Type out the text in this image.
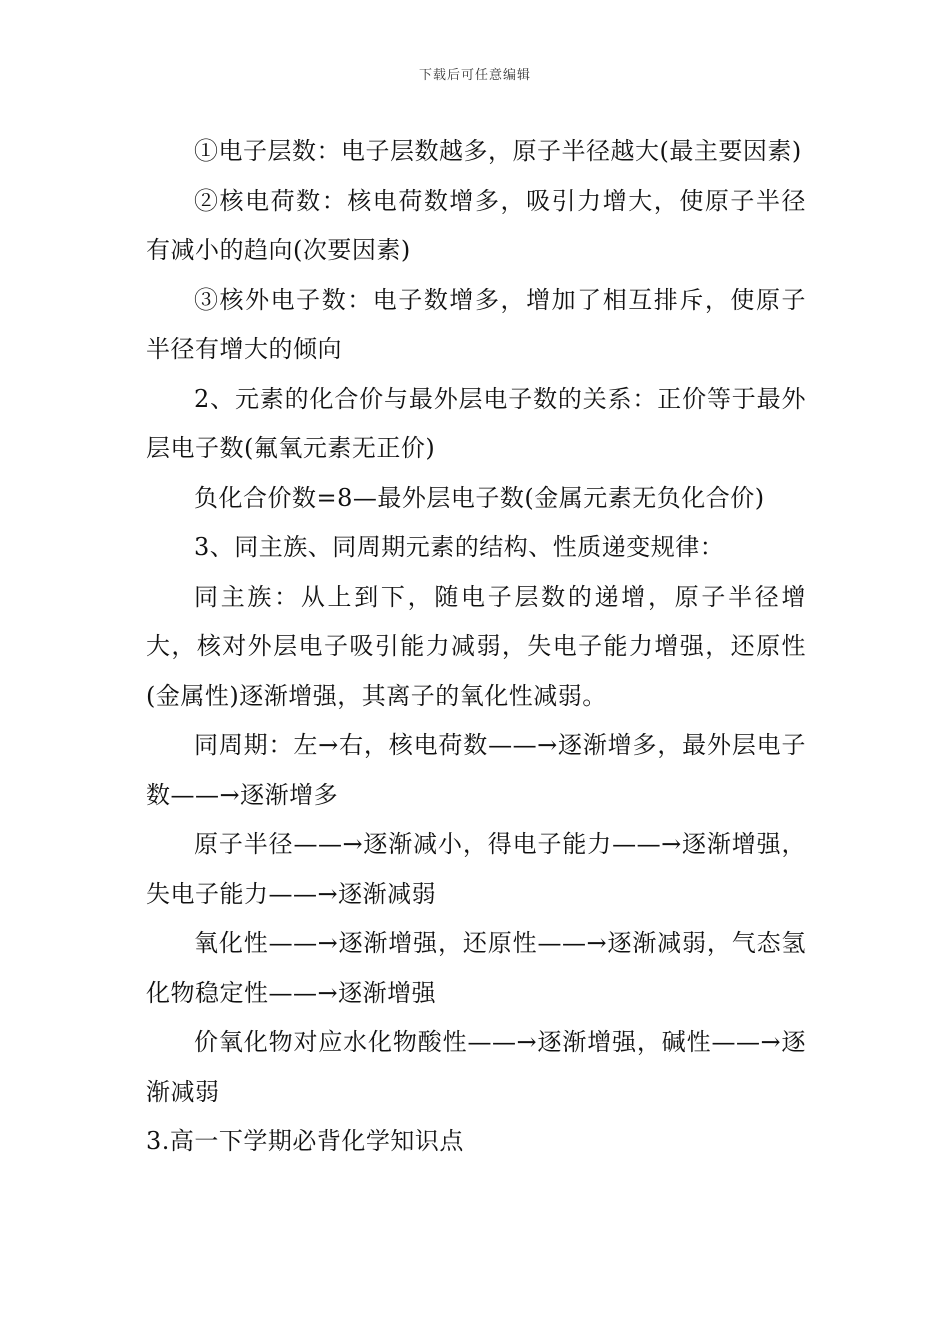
下载后可任意编辑

①电子层数：电子层数越多，原子半径越大(最主要因素)

②核电荷数：核电荷数增多，吸引力增大，使原子半径有减小的趋向(次要因素)

③核外电子数：电子数增多，增加了相互排斥，使原子半径有增大的倾向

2、元素的化合价与最外层电子数的关系：正价等于最外层电子数(氟氧元素无正价)

负化合价数=8—最外层电子数(金属元素无负化合价)

3、同主族、同周期元素的结构、性质递变规律：

同主族：从上到下，随电子层数的递增，原子半径增大，核对外层电子吸引能力减弱，失电子能力增强，还原性(金属性)逐渐增强，其离子的氧化性减弱。

同周期：左→右，核电荷数——→逐渐增多，最外层电子数——→逐渐增多

原子半径——→逐渐减小，得电子能力——→逐渐增强，失电子能力——→逐渐减弱

氧化性——→逐渐增强，还原性——→逐渐减弱，气态氢化物稳定性——→逐渐增强

价氧化物对应水化物酸性——→逐渐增强，碱性——→逐渐减弱

3.高一下学期必背化学知识点
